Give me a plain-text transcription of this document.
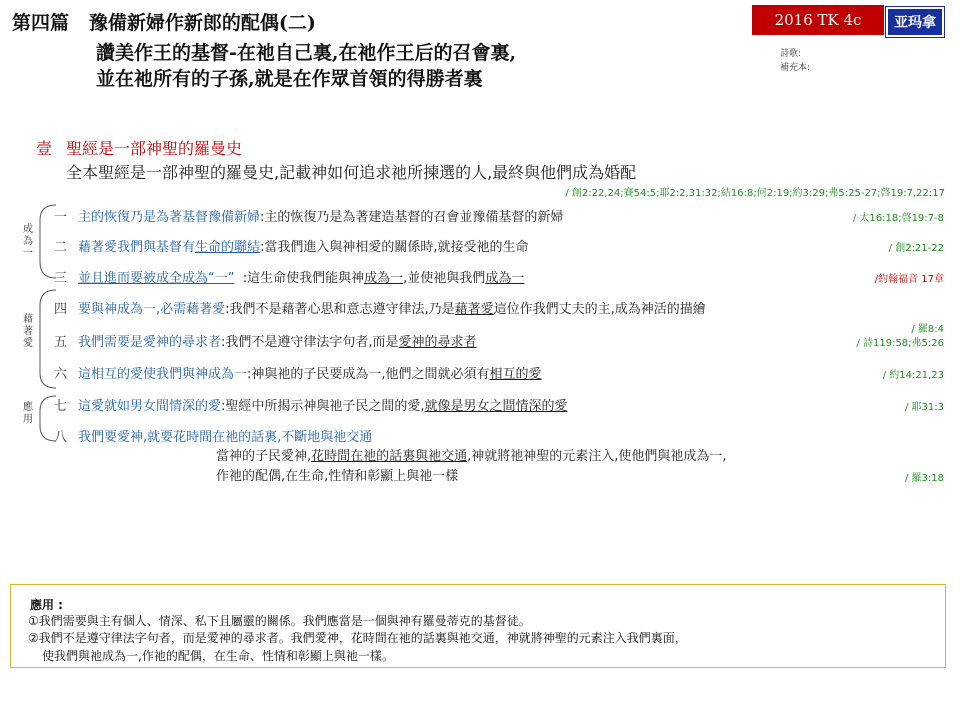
第四篇 豫備新婦作新郎的配偶(二)
讚美作王的基督-在祂自己裏,在祂作王后的召會裏,
並在祂所有的子孫,就是在作眾首領的得勝者裏
2016 TK 4c	亚玛拿
詩歌:
補充本:
壹 聖經是一部神聖的羅曼史
全本聖經是一部神聖的羅曼史,記載神如何追求祂所揀選的人,最終與他們成為婚配
/ 創2:22,24;賽54:5;耶2:2,31:32;結16:8;何2:19;約3:29;弗5:25-27;啓19:7,22:17
成為一
藉著愛
應用
一 主的恢復乃是為著基督豫備新婦:主的恢復乃是為著建造基督的召會並豫備基督的新婦	/ 太16:18;啓19:7-8
二 藉著愛我們與基督有生命的聯結:當我們進入與神相愛的關係時,就接受祂的生命	/ 創2:21-22
三 並且進而要被成全成為“一” :這生命使我們能與神成為一,並使祂與我們成為一	/約翰福音 17章
四 要與神成為一,必需藉著愛:我們不是藉著心思和意志遵守律法,乃是藉著愛這位作我們丈夫的主,成為神活的描繪
/ 羅8:4
五 我們需要是愛神的尋求者:我們不是遵守律法字句者,而是愛神的尋求者	/ 詩119:58;弗5:26
六 這相互的愛使我們與神成為一:神與祂的子民要成為一,他們之間就必須有相互的愛	/ 約14:21,23
七 這愛就如男女間情深的愛:聖經中所揭示神與祂子民之間的愛,就像是男女之間情深的愛	/ 耶31:3
八 我們要愛神,就要花時間在祂的話裏,不斷地與祂交通
當神的子民愛神,花時間在祂的話裏與祂交通,神就將祂神聖的元素注入,使他們與祂成為一,
作祂的配偶,在生命,性情和彰顯上與祂一樣	/ 羅3:18
應用 :
①我們需要與主有個人、情深、私下且屬靈的關係。我們應當是一個與神有羅曼蒂克的基督徒。
②我們不是遵守律法字句者，而是愛神的尋求者。我們愛神，花時間在祂的話裏與祂交通，神就將神聖的元素注入我們裏面，
使我們與祂成為一,作祂的配偶，在生命、性情和彰顯上與祂一樣。
